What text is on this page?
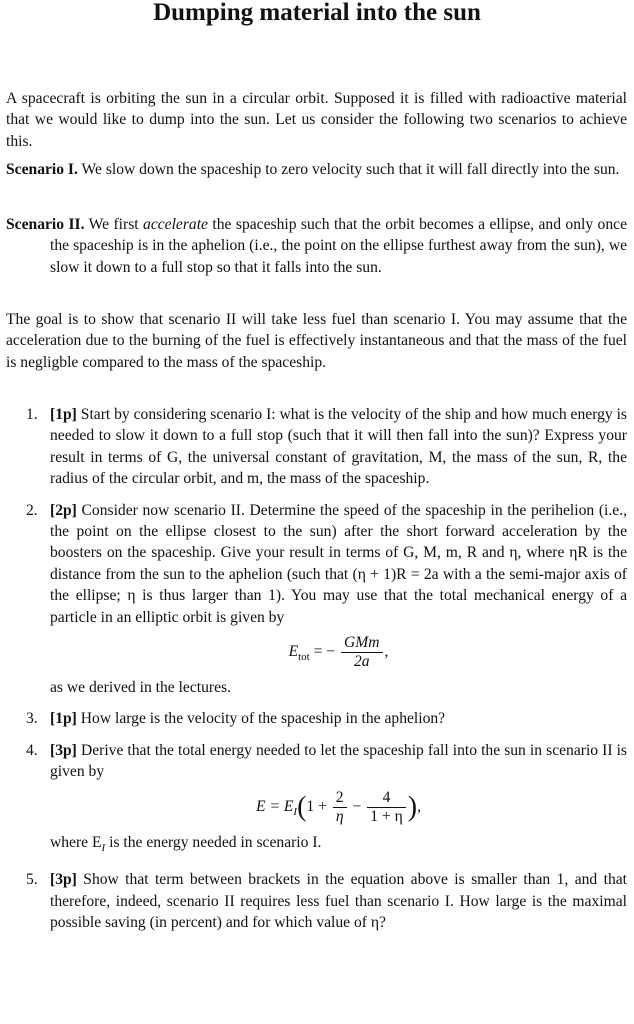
Dumping material into the sun

A spacecraft is orbiting the sun in a circular orbit. Supposed it is filled with radioactive material that we would like to dump into the sun. Let us consider the following two scenarios to achieve this.

Scenario I. We slow down the spaceship to zero velocity such that it will fall directly into the sun.

Scenario II. We first accelerate the spaceship such that the orbit becomes a ellipse, and only once the spaceship is in the aphelion (i.e., the point on the ellipse furthest away from the sun), we slow it down to a full stop so that it falls into the sun.

The goal is to show that scenario II will take less fuel than scenario I. You may assume that the acceleration due to the burning of the fuel is effectively instantaneous and that the mass of the fuel is negligble compared to the mass of the spaceship.

1. [1p] Start by considering scenario I: what is the velocity of the ship and how much energy is needed to slow it down to a full stop (such that it will then fall into the sun)? Express your result in terms of G, the universal constant of gravitation, M, the mass of the sun, R, the radius of the circular orbit, and m, the mass of the spaceship.
2. [2p] Consider now scenario II. Determine the speed of the spaceship in the perihelion (i.e., the point on the ellipse closest to the sun) after the short forward acceleration by the boosters on the spaceship. Give your result in terms of G, M, m, R and η, where ηR is the distance from the sun to the aphelion (such that (η + 1)R = 2a with a the semi-major axis of the ellipse; η is thus larger than 1). You may use that the total mechanical energy of a particle in an elliptic orbit is given by
$E_{tot}$ = − $\frac{\text{GMm}}{2a}$ ,
as we derived in the lectures.
3. [1p] How large is the velocity of the spaceship in the aphelion?
4. [3p] Derive that the total energy needed to let the spaceship fall into the sun in scenario II is given by
$E = E_I(1 + \frac{2}{\eta} - \frac{4}{1 + \eta}$ ),
where $E_I$ is the energy needed in scenario I.
5. [3p] Show that term between brackets in the equation above is smaller than 1, and that therefore, indeed, scenario II requires less fuel than scenario I. How large is the maximal possible saving (in percent) and for which value of η?
